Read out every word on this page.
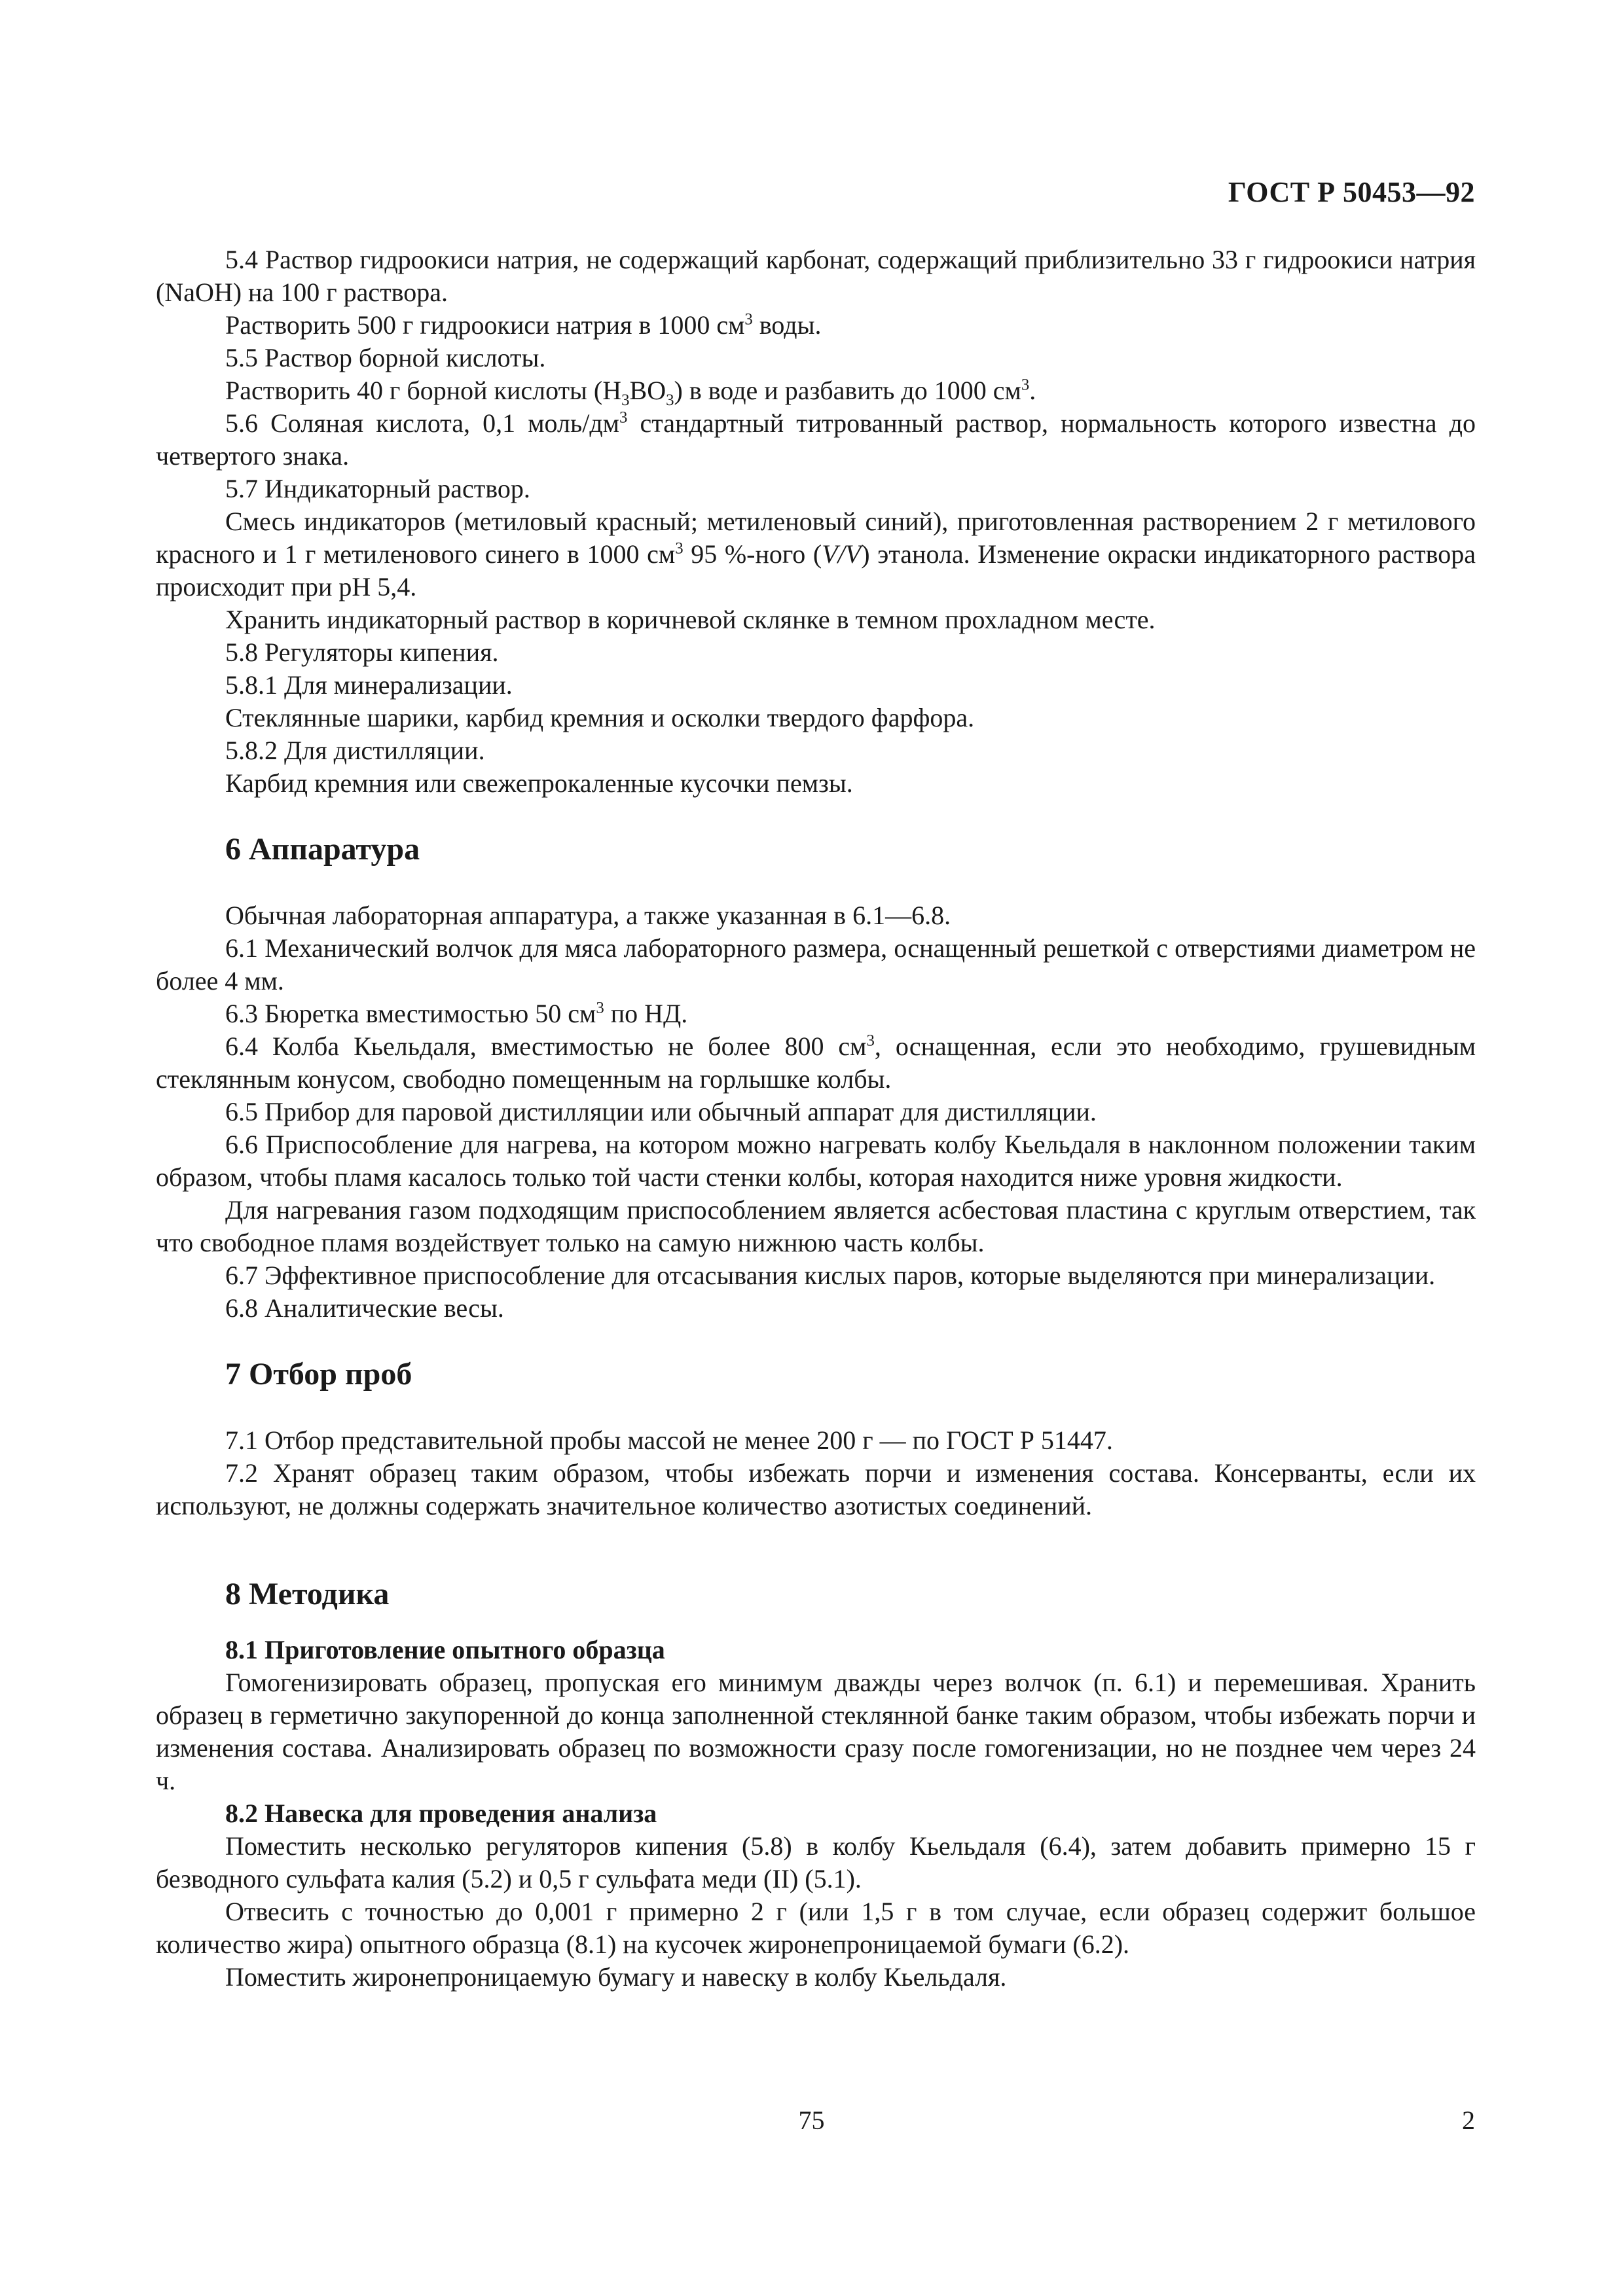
ГОСТ Р 50453—92

5.4 Раствор гидроокиси натрия, не содержащий карбонат, содержащий приблизительно 33 г гидроокиси натрия (NaOH) на 100 г раствора.

Растворить 500 г гидроокиси натрия в 1000 $см^3$ воды.

5.5 Раствор борной кислоты.

Растворить 40 г борной кислоты $(H_3BO_3)$ в воде и разбавить до 1000 $см^3$.

5.6 Соляная кислота, 0,1 моль/$дм^3$ стандартный титрованный раствор, нормальность которого известна до четвертого знака.

5.7 Индикаторный раствор.

Смесь индикаторов (метиловый красный; метиленовый синий), приготовленная растворением 2 г метилового красного и 1 г метиленового синего в 1000 $см^3$ 95 %-ного (V/V) этанола. Изменение окраски индикаторного раствора происходит при pH 5,4.

Хранить индикаторный раствор в коричневой склянке в темном прохладном месте.

5.8 Регуляторы кипения.

5.8.1 Для минерализации.

Стеклянные шарики, карбид кремния и осколки твердого фарфора.

5.8.2 Для дистилляции.

Карбид кремния или свежепрокаленные кусочки пемзы.

6 Аппаратура

Обычная лабораторная аппаратура, а также указанная в 6.1—6.8.

6.1 Механический волчок для мяса лабораторного размера, оснащенный решеткой с отверстиями диаметром не более 4 мм.

6.3 Бюретка вместимостью 50 $см^3$ по НД.

6.4 Колба Кьельдаля, вместимостью не более 800 $см^3$, оснащенная, если это необходимо, грушевидным стеклянным конусом, свободно помещенным на горлышке колбы.

6.5 Прибор для паровой дистилляции или обычный аппарат для дистилляции.

6.6 Приспособление для нагрева, на котором можно нагревать колбу Кьельдаля в наклонном положении таким образом, чтобы пламя касалось только той части стенки колбы, которая находится ниже уровня жидкости.

Для нагревания газом подходящим приспособлением является асбестовая пластина с круглым отверстием, так что свободное пламя воздействует только на самую нижнюю часть колбы.

6.7 Эффективное приспособление для отсасывания кислых паров, которые выделяются при минерализации.

6.8 Аналитические весы.

7 Отбор проб

7.1 Отбор представительной пробы массой не менее 200 г — по ГОСТ Р 51447.

7.2 Хранят образец таким образом, чтобы избежать порчи и изменения состава. Консерванты, если их используют, не должны содержать значительное количество азотистых соединений.

8 Методика
8.1 Приготовление опытного образца

Гомогенизировать образец, пропуская его минимум дважды через волчок (п. 6.1) и перемешивая. Хранить образец в герметично закупоренной до конца заполненной стеклянной банке таким образом, чтобы избежать порчи и изменения состава. Анализировать образец по возможности сразу после гомогенизации, но не позднее чем через 24 ч.

8.2 Навеска для проведения анализа

Поместить несколько регуляторов кипения (5.8) в колбу Кьельдаля (6.4), затем добавить примерно 15 г безводного сульфата калия (5.2) и 0,5 г сульфата меди (II) (5.1).

Отвесить с точностью до 0,001 г примерно 2 г (или 1,5 г в том случае, если образец содержит большое количество жира) опытного образца (8.1) на кусочек жиронепроницаемой бумаги (6.2).

Поместить жиронепроницаемую бумагу и навеску в колбу Кьельдаля.

75	2
